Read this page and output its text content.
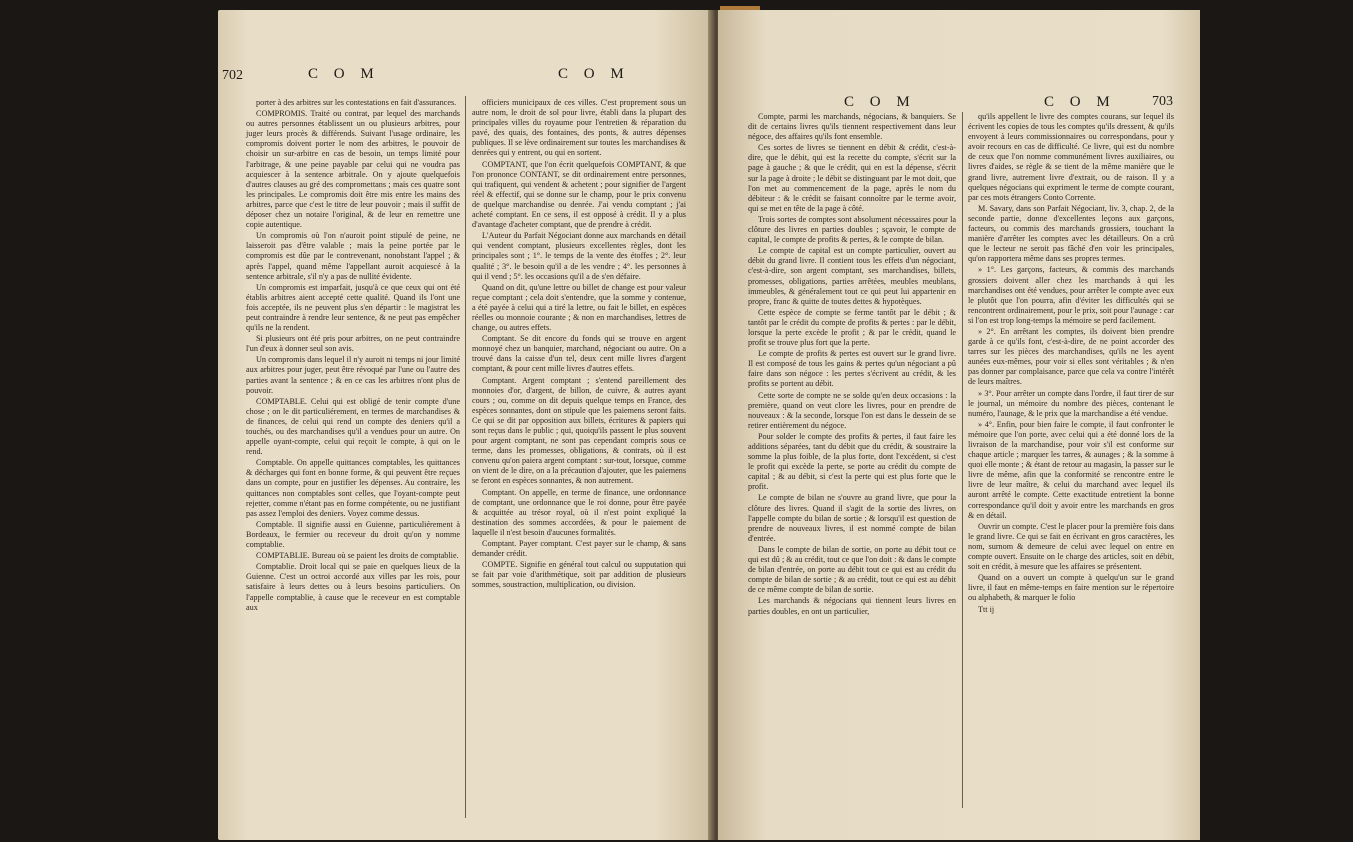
702	C O M	C O M

porter à des arbitres sur les contestations en fait d'assurances.

COMPROMIS. Traité ou contrat, par lequel des marchands ou autres personnes établissent un ou plusieurs arbitres, pour juger leurs procès & différends. Suivant l'usage ordinaire, les compromis doivent porter le nom des arbitres, le pouvoir de choisir un sur-arbitre en cas de besoin, un temps limité pour l'arbitrage, & une peine payable par celui qui ne voudra pas acquiescer à la sentence arbitrale. On y ajoute quelquefois d'autres clauses au gré des compromettans ; mais ces quatre sont les principales. Le compromis doit être mis entre les mains des arbitres, parce que c'est le titre de leur pouvoir ; mais il suffit de déposer chez un notaire l'original, & de leur en remettre une copie autentique.

Un compromis où l'on n'auroit point stipulé de peine, ne laisseroit pas d'être valable ; mais la peine portée par le compromis est dûe par le contrevenant, nonobstant l'appel ; & après l'appel, quand même l'appellant auroit acquiescé à la sentence arbitrale, s'il n'y a pas de nullité évidente.

Un compromis est imparfait, jusqu'à ce que ceux qui ont été établis arbitres aient accepté cette qualité. Quand ils l'ont une fois acceptée, ils ne peuvent plus s'en départir : le magistrat les peut contraindre à rendre leur sentence, & ne peut pas empêcher qu'ils ne la rendent.

Si plusieurs ont été pris pour arbitres, on ne peut contraindre l'un d'eux à donner seul son avis.

Un compromis dans lequel il n'y auroit ni temps ni jour limité aux arbitres pour juger, peut être révoqué par l'une ou l'autre des parties avant la sentence ; & en ce cas les arbitres n'ont plus de pouvoir.

COMPTABLE. Celui qui est obligé de tenir compte d'une chose ; on le dit particuliérement, en termes de marchandises & de finances, de celui qui rend un compte des deniers qu'il a touchés, ou des marchandises qu'il a vendues pour un autre. On appelle oyant-compte, celui qui reçoit le compte, à qui on le rend.

Comptable. On appelle quittances comptables, les quittances & décharges qui font en bonne forme, & qui peuvent être reçues dans un compte, pour en justifier les dépenses. Au contraire, les quittances non comptables sont celles, que l'oyant-compte peut rejetter, comme n'étant pas en forme compétente, ou ne justifiant pas assez l'emploi des deniers. Voyez comme dessus.

Comptable. Il signifie aussi en Guienne, particuliérement à Bordeaux, le fermier ou receveur du droit qu'on y nomme comptablie.

COMPTABLIE. Bureau où se paient les droits de comptablie.

Comptablie. Droit local qui se paie en quelques lieux de la Guienne. C'est un octroi accordé aux villes par les rois, pour satisfaire à leurs dettes ou à leurs besoins particuliers. On l'appelle comptablie, à cause que le receveur en est comptable aux

officiers municipaux de ces villes. C'est proprement sous un autre nom, le droit de sol pour livre, établi dans la plupart des principales villes du royaume pour l'entretien & réparation du pavé, des quais, des fontaines, des ponts, & autres dépenses publiques. Il se lève ordinairement sur toutes les marchandises & denrées qui y entrent, ou qui en sortent.

COMPTANT, que l'on écrit quelquefois COMPTANT, & que l'on prononce CONTANT, se dit ordinairement entre personnes, qui trafiquent, qui vendent & achetent ; pour signifier de l'argent réel & effectif, qui se donne sur le champ, pour le prix convenu de quelque marchandise ou denrée. J'ai vendu comptant ; j'ai acheté comptant. En ce sens, il est opposé à crédit. Il y a plus d'avantage d'acheter comptant, que de prendre à crédit.

L'Auteur du Parfait Négociant donne aux marchands en détail qui vendent comptant, plusieurs excellentes règles, dont les principales sont ; 1°. le temps de la vente des étoffes ; 2°. leur qualité ; 3°. le besoin qu'il a de les vendre ; 4°. les personnes à qui il vend ; 5°. les occasions qu'il a de s'en défaire.

Quand on dit, qu'une lettre ou billet de change est pour valeur reçue comptant ; cela doit s'entendre, que la somme y contenue, a été payée à celui qui a tiré la lettre, ou fait le billet, en espèces réelles ou monnoie courante ; & non en marchandises, lettres de change, ou autres effets.

Comptant. Se dit encore du fonds qui se trouve en argent monnoyé chez un banquier, marchand, négociant ou autre. On a trouvé dans la caisse d'un tel, deux cent mille livres d'argent comptant, & pour cent mille livres d'autres effets.

Comptant. Argent comptant ; s'entend pareillement des monnoies d'or, d'argent, de billon, de cuivre, & autres ayant cours ; ou, comme on dit depuis quelque temps en France, des espèces sonnantes, dont on stipule que les paiemens seront faits. Ce qui se dit par opposition aux billets, écritures & papiers qui sont reçus dans le public ; qui, quoiqu'ils passent le plus souvent pour argent comptant, ne sont pas cependant compris sous ce terme, dans les promesses, obligations, & contrats, où il est convenu qu'on paiera argent comptant : sur-tout, lorsque, comme on vient de le dire, on a la précaution d'ajouter, que les paiemens se feront en espèces sonnantes, & non autrement.

Comptant. On appelle, en terme de finance, une ordonnance de comptant, une ordonnance que le roi donne, pour être payée & acquittée au trésor royal, où il n'est point expliqué la destination des sommes accordées, & pour le paiement de laquelle il n'est besoin d'aucunes formalités.

Comptant. Payer comptant. C'est payer sur le champ, & sans demander crédit.

COMPTE. Signifie en général tout calcul ou supputation qui se fait par voie d'arithmétique, soit par addition de plusieurs sommes, soustraction, multiplication, ou division.

C O M	C O M	703

Compte, parmi les marchands, négocians, & banquiers. Se dit de certains livres qu'ils tiennent respectivement dans leur négoce, des affaires qu'ils font ensemble.

Ces sortes de livres se tiennent en débit & crédit, c'est-à-dire, que le débit, qui est la recette du compte, s'écrit sur la page à gauche ; & que le crédit, qui en est la dépense, s'écrit sur la page à droite ; le débit se distinguant par le mot doit, que l'on met au commencement de la page, après le nom du débiteur : & le crédit se faisant connoître par le terme avoir, qui se met en tête de la page à côté.

Trois sortes de comptes sont absolument nécessaires pour la clôture des livres en parties doubles ; sçavoir, le compte de capital, le compte de profits & pertes, & le compte de bilan.

Le compte de capital est un compte particulier, ouvert au débit du grand livre. Il contient tous les effets d'un négociant, c'est-à-dire, son argent comptant, ses marchandises, billets, promesses, obligations, parties arrêtées, meubles meublans, immeubles, & généralement tout ce qui peut lui appartenir en propre, franc & quitte de toutes dettes & hypotèques.

Cette espèce de compte se ferme tantôt par le débit ; & tantôt par le crédit du compte de profits & pertes : par le débit, lorsque la perte excède le profit ; & par le crédit, quand le profit se trouve plus fort que la perte.

Le compte de profits & pertes est ouvert sur le grand livre. Il est composé de tous les gains & pertes qu'un négociant a pû faire dans son négoce : les pertes s'écrivent au crédit, & les profits se portent au débit.

Cette sorte de compte ne se solde qu'en deux occasions : la première, quand on veut clore les livres, pour en prendre de nouveaux : & la seconde, lorsque l'on est dans le dessein de se retirer entièrement du négoce.

Pour solder le compte des profits & pertes, il faut faire les additions séparées, tant du débit que du crédit, & soustraire la somme la plus foible, de la plus forte, dont l'excédent, si c'est le profit qui excède la perte, se porte au crédit du compte de capital ; & au débit, si c'est la perte qui est plus forte que le profit.

Le compte de bilan ne s'ouvre au grand livre, que pour la clôture des livres. Quand il s'agit de la sortie des livres, on l'appelle compte du bilan de sortie ; & lorsqu'il est question de prendre de nouveaux livres, il est nommé compte de bilan d'entrée.

Dans le compte de bilan de sortie, on porte au débit tout ce qui est dû ; & au crédit, tout ce que l'on doit : & dans le compte de bilan d'entrée, on porte au débit tout ce qui est au crédit du compte de bilan de sortie ; & au crédit, tout ce qui est au débit de ce même compte de bilan de sortie.

Les marchands & négocians qui tiennent leurs livres en parties doubles, en ont un particulier,

qu'ils appellent le livre des comptes courans, sur lequel ils écrivent les copies de tous les comptes qu'ils dressent, & qu'ils envoyent à leurs commissionnaires ou correspondans, pour y avoir recours en cas de difficulté. Ce livre, qui est du nombre de ceux que l'on nomme communément livres auxiliaires, ou livres d'aides, se règle & se tient de la même manière que le grand livre, autrement livre d'extrait, ou de raison. Il y a quelques négocians qui expriment le terme de compte courant, par ces mots étrangers Conto Corrente.

M. Savary, dans son Parfait Négociant, liv. 3, chap. 2, de la seconde partie, donne d'excellentes leçons aux garçons, facteurs, ou commis des marchands grossiers, touchant la manière d'arrêter les comptes avec les détailleurs. On a crû que le lecteur ne seroit pas fâché d'en voir les principales, qu'on rapportera même dans ses propres termes.

» 1°. Les garçons, facteurs, & commis des marchands grossiers doivent aller chez les marchands à qui les marchandises ont été vendues, pour arrêter le compte avec eux le plutôt que l'on pourra, afin d'éviter les difficultés qui se rencontrent ordinairement, pour le prix, soit pour l'aunage : car si l'on est trop long-temps la mémoire se perd facilement.

» 2°. En arrêtant les comptes, ils doivent bien prendre garde à ce qu'ils font, c'est-à-dire, de ne point accorder des tarres sur les pièces des marchandises, qu'ils ne les ayent aunées eux-mêmes, pour voir si elles sont véritables ; & n'en pas donner par complaisance, parce que cela va contre l'intérêt de leurs maîtres.

» 3°. Pour arrêter un compte dans l'ordre, il faut tirer de sur le journal, un mémoire du nombre des pièces, contenant le numéro, l'aunage, & le prix que la marchandise a été vendue.

» 4°. Enfin, pour bien faire le compte, il faut confronter le mémoire que l'on porte, avec celui qui a été donné lors de la livraison de la marchandise, pour voir s'il est conforme sur chaque article ; marquer les tarres, & aunages ; & la somme à quoi elle monte ; & étant de retour au magasin, la passer sur le livre de même, afin que la conformité se rencontre entre le livre de leur maître, & celui du marchand avec lequel ils auront arrêté le compte. Cette exactitude entretient la bonne correspondance qu'il doit y avoir entre les marchands en gros & en détail.

Ouvrir un compte. C'est le placer pour la première fois dans le grand livre. Ce qui se fait en écrivant en gros caractères, les nom, surnom & demeure de celui avec lequel on entre en compte ouvert. Ensuite on le charge des articles, soit en débit, soit en crédit, à mesure que les affaires se présentent.

Quand on a ouvert un compte à quelqu'un sur le grand livre, il faut en même-temps en faire mention sur le répertoire ou alphabeth, & marquer le folio

Ttt ij
